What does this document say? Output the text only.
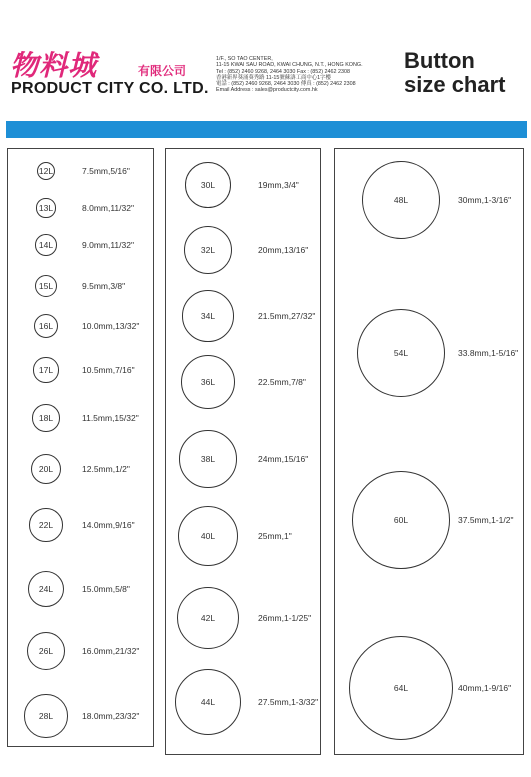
物料城	有限公司
PRODUCT CITY CO. LTD.
1/F., SO TAO CENTER,
11-15 KWAI SAU ROAD, KWAI CHUNG, N.T., HONG KONG.
Tel : (852) 2460 9268, 2464 3030 Fax : (852) 2462 2308
香港新界葵涌葵秀路 11-15號蘇濤工商中心1字樓
電話 : (852) 2460 9268, 2464 3030 傳真 : (852) 2462 2308
Email Address : sales@productcity.com.hk
Button
size chart
12L	7.5mm,5/16"
13L	8.0mm,11/32"
14L	9.0mm,11/32"
15L	9.5mm,3/8"
16L	10.0mm,13/32"
17L	10.5mm,7/16"
18L	11.5mm,15/32"
20L	12.5mm,1/2"
22L	14.0mm,9/16"
24L	15.0mm,5/8"
26L	16.0mm,21/32"
28L	18.0mm,23/32"
30L	19mm,3/4"
32L	20mm,13/16"
34L	21.5mm,27/32"
36L	22.5mm,7/8"
38L	24mm,15/16"
40L	25mm,1"
42L	26mm,1-1/25"
44L	27.5mm,1-3/32"
48L	30mm,1-3/16"
54L	33.8mm,1-5/16"
60L	37.5mm,1-1/2"
64L	40mm,1-9/16"
